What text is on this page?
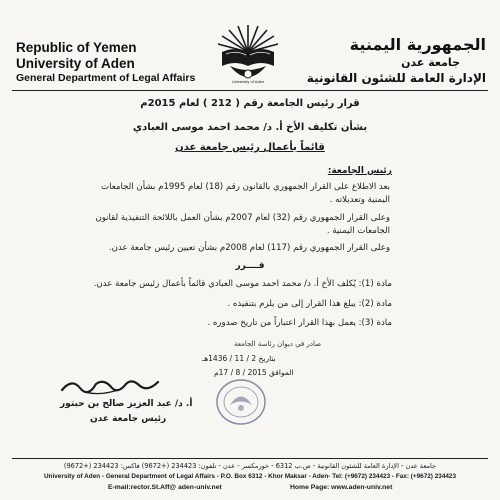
Republic of Yemen
University of Aden
General Department of Legal Affairs
الجمهورية اليمنية
جامعة عدن
الإدارة العامة للشئون القانونية
University of Aden
قرار رئيس الجامعة رقم ( 212 ) لعام 2015م
بشأن تكليف الأخ أ. د/ محمد احمد موسى العبادي
قائماً بأعمال رئيس جامعة عدن
رئيس الجامعة:
بعد الاطلاع على القرار الجمهوري بالقانون رقم (18) لعام 1995م بشأن الجامعات
اليمنية وتعديلاته .
وعلى القرار الجمهوري رقم (32) لعام 2007م بشأن العمل باللائحة التنفيذية لقانون
الجامعات اليمنية .
وعلى القرار الجمهوري رقم (117) لعام 2008م بشأن تعيين رئيس جامعة عدن.
قــــرر
مادة (1): يُكلف الأخ أ. د/ محمد احمد موسى العبادي قائماً بأعمال رئيس جامعة عدن.
مادة (2): يبلغ هذا القرار إلى من يلزم بتنفيذه .
مادة (3): يعمل بهذا القرار اعتباراً من تاريخ صدوره .
صادر في ديوان رئاسة الجامعة
بتاريخ 2 / 11 / 1436هـ
الموافق 2015 / 8 / 17م
أ. د/ عبد العزيز صالح بن حبتور
رئيس جامعة عدن
جامعة عدن - الإدارة العامة للشئون القانونية - ص.ب 6312 - خورمكسر - عدن - تلفون: 234423 (+9672) فاكس: 234423 (+9672)
University of Aden - General Department of Legal Affairs - P.O. Box 6312 - Khor Maksar - Aden- Tel: (+9672) 234423 - Fax: (+9672) 234423
E-mail:rector.St.Aff@ aden-univ.net	Home Page: www.aden-univ.net
